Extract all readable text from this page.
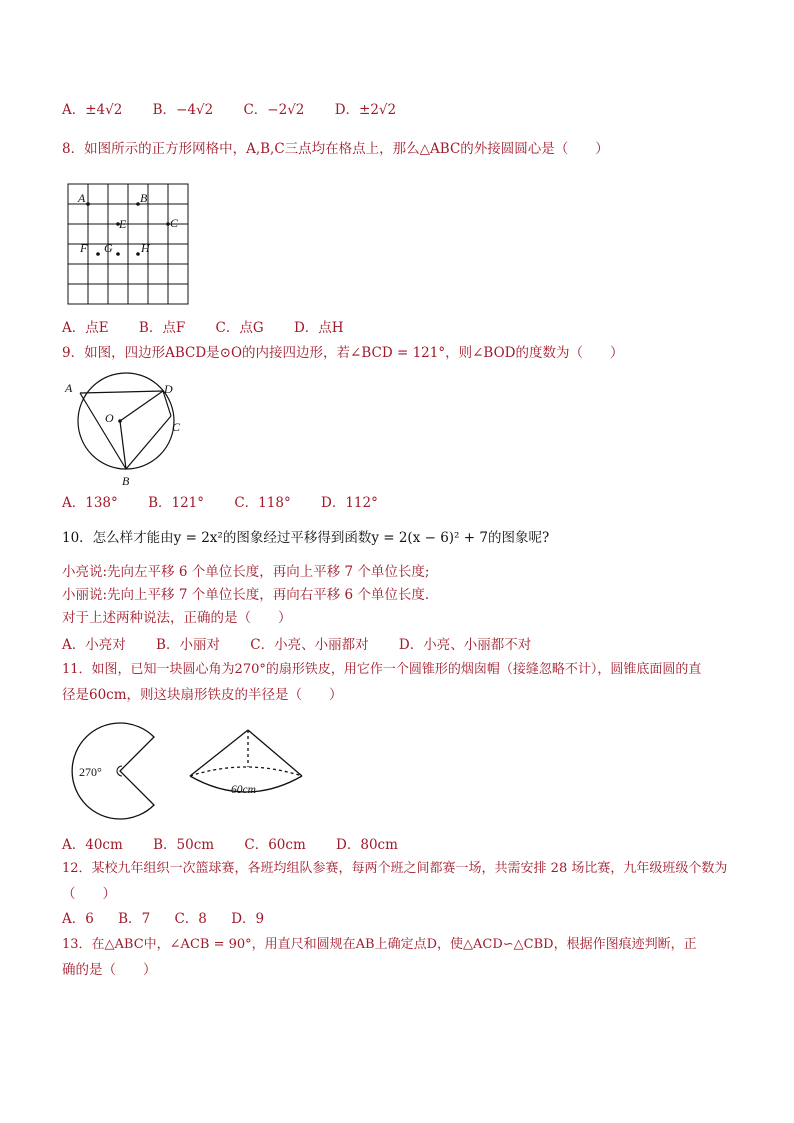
A．±4√2 B．−4√2 C．−2√2 D．±2√2
8．如图所示的正方形网格中，A,B,C三点均在格点上，那么△ABC的外接圆圆心是（　　）
A	B
C
E
F G H
A．点E B．点F C．点G D．点H
9．如图，四边形ABCD是⊙O的内接四边形，若∠BCD = 121°，则∠BOD的度数为（　　）
A	D
O
C
B
A．138° B．121° C．118° D．112°
10．怎么样才能由y = 2x²的图象经过平移得到函数y = 2(x − 6)² + 7的图象呢?
小亮说:先向左平移 6 个单位长度，再向上平移 7 个单位长度;
小丽说:先向上平移 7 个单位长度，再向右平移 6 个单位长度．
对于上述两种说法，正确的是（　　）
A．小亮对 B．小丽对 C．小亮、小丽都对 D．小亮、小丽都不对
11．如图，已知一块圆心角为270°的扇形铁皮，用它作一个圆锥形的烟囱帽（接缝忽略不计），圆锥底面圆的直
径是60cm，则这块扇形铁皮的半径是（　　）
270°
60cm
A．40cm B．50cm C．60cm D．80cm
12．某校九年组织一次篮球赛，各班均组队参赛，每两个班之间都赛一场，共需安排 28 场比赛，九年级班级个数为
（　　）
A．6 B．7 C．8 D．9
13．在△ABC中，∠ACB = 90°，用直尺和圆规在AB上确定点D，使△ACD∽△CBD，根据作图痕迹判断，正
确的是（　　）
